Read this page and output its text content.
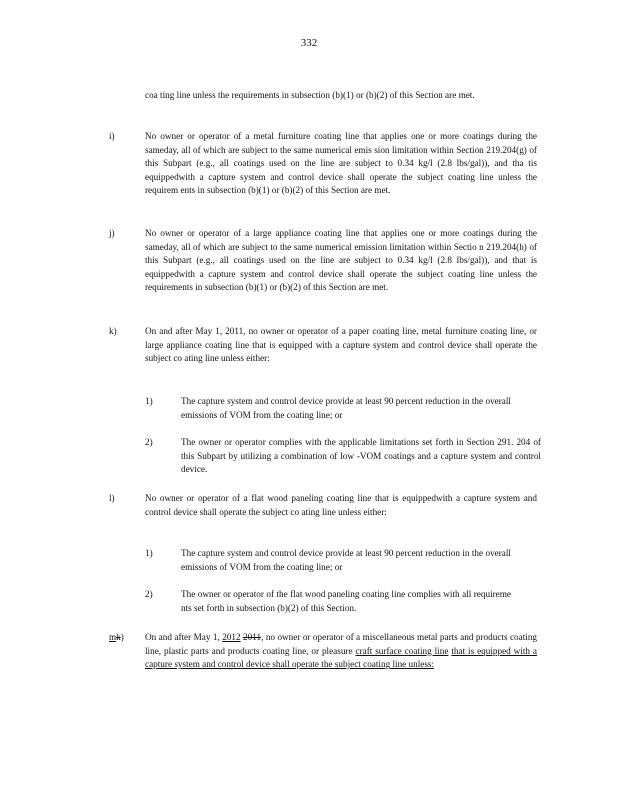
332
coa ting line unless the requirements in subsection (b)(1) or (b)(2) of this Section are met.
i)	No owner or operator of a metal furniture coating line that applies one or more coatings during the sameday, all of which are subject to the same numerical emis sion limitation within Section 219.204(g) of this Subpart (e.g., all coatings used on the line are subject to 0.34 kg/l (2.8 lbs/gal)), and tha tis equippedwith a capture system and control device shall operate the subject coating line unless the requirem ents in subsection (b)(1) or (b)(2) of this Section are met.
j)	No owner or operator of a large appliance coating line that applies one or more coatings during the sameday, all of which are subject to the same numerical emission limitation within Sectio n 219.204(h) of this Subpart (e.g., all coatings used on the line are subject to 0.34 kg/l (2.8 lbs/gal)), and that is equippedwith a capture system and control device shall operate the subject coating line unless the requirements in subsection (b)(1) or (b)(2) of this Section are met.
k)	On and after May 1, 2011, no owner or operator of a paper coating line, metal furniture coating line, or large appliance coating line that is equipped with a capture system and control device shall operate the subject co ating line unless either:
1)	The capture system and control device provide at least 90 percent reduction in the overall emissions of VOM from the coating line; or
2)	The owner or operator complies with the applicable limitations set forth in Section 291. 204 of this Subpart by utilizing a combination of low -VOM coatings and a capture system and control device.
l)	No owner or operator of a flat wood paneling coating line that is equippedwith a capture system and control device shall operate the subject co ating line unless either:
1)	The capture system and control device provide at least 90 percent reduction in the overall emissions of VOM from the coating line; or
2)	The owner or operator of the flat wood paneling coating line complies with all requireme nts set forth in subsection (b)(2) of this Section.
mk) On and after May 1, 2012 2011, no owner or operator of a miscellaneous metal parts and products coating line, plastic parts and products coating line, or pleasure craft surface coating line that is equipped with a capture system and control device shall operate the subject coating line unless:
